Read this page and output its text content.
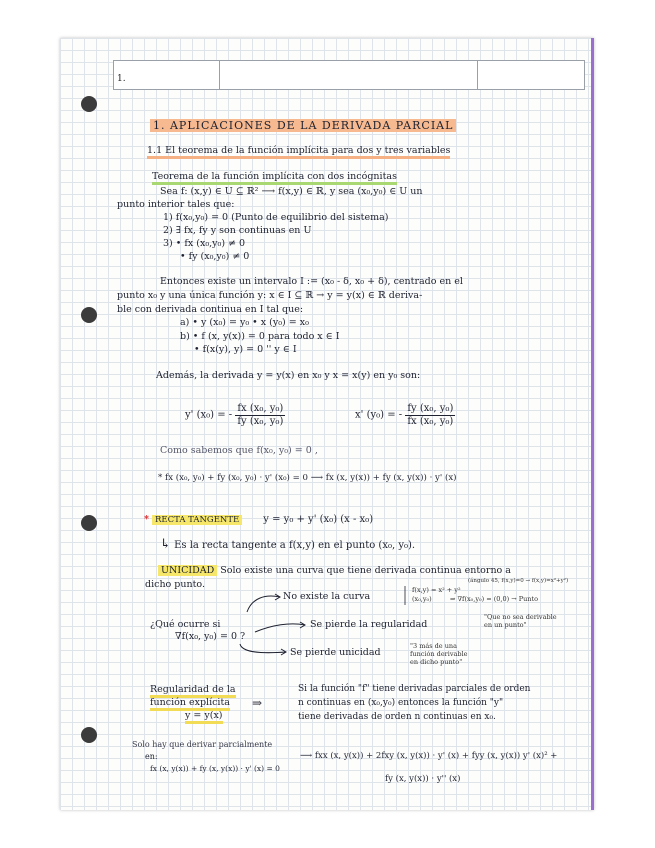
1.
1. APLICACIONES DE LA DERIVADA PARCIAL
1.1 El teorema de la función implícita para dos y tres variables
Teorema de la función implícita con dos incógnitas
Sea f: (x,y) ∈ U ⊆ ℝ² ⟶ f(x,y) ∈ ℝ, y sea (x₀,y₀) ∈ U un
punto interior tales que:
1) f(x₀,y₀) = 0 (Punto de equilibrio del sistema)
2) ∃ fx, fy y son continuas en U
3) • fx (x₀,y₀) ≠ 0
• fy (x₀,y₀) ≠ 0
Entonces existe un intervalo I := (x₀ - δ, x₀ + δ), centrado en el
punto x₀ y una única función y: x ∈ I ⊆ ℝ → y = y(x) ∈ ℝ deriva-
ble con derivada continua en I tal que:
a) • y (x₀) = y₀ • x (y₀) = x₀
b) • f (x, y(x)) = 0 para todo x ∈ I
• f(x(y), y) = 0 '' y ∈ I
Además, la derivada y = y(x) en x₀ y x = x(y) en y₀ son:
y' (x₀) = - $\frac{\text{fx (x₀, y₀)}}{\text{fy (x₀, y₀)}}$	x' (y₀) = - $\frac{\text{fy (x₀, y₀)}}{\text{fx (x₀, y₀)}}$
Como sabemos que f(x₀, y₀) = 0 ,
* fx (x₀, y₀) + fy (x₀, y₀) · y' (x₀) = 0 ⟶ fx (x, y(x)) + fy (x, y(x)) · y' (x)
* RECTA TANGENTE y = y₀ + y' (x₀) (x - x₀)
↳ Es la recta tangente a f(x,y) en el punto (x₀, y₀).
UNICIDAD Solo existe una curva que tiene derivada continua entorno a
dicho punto.	(ángulo 45, f(x,y)=0 → f(x,y)=x²+y²)
f(x,y) = x² + y²
(x₀,y₀)	⇒ ∇f(x₀,y₀) = (0,0) → Punto
No existe la curva
¿Qué ocurre si
∇f(x₀, y₀) = 0 ?
Se pierde la regularidad
"Que no sea derivable en un punto"
Se pierde unicidad
"3 más de una función derivable en dicho punto"
Regularidad de la
función explícita
y = y(x)
⇒
Si la función "f" tiene derivadas parciales de orden
n continuas en (x₀,y₀) entonces la función "y"
tiene derivadas de orden n continuas en x₀.
Solo hay que derivar parcialmente
en:
fx (x, y(x)) + fy (x, y(x)) · y' (x) = 0
⟶ fxx (x, y(x)) + 2fxy (x, y(x)) · y' (x) + fyy (x, y(x)) y' (x)² +
fy (x, y(x)) · y'' (x)
